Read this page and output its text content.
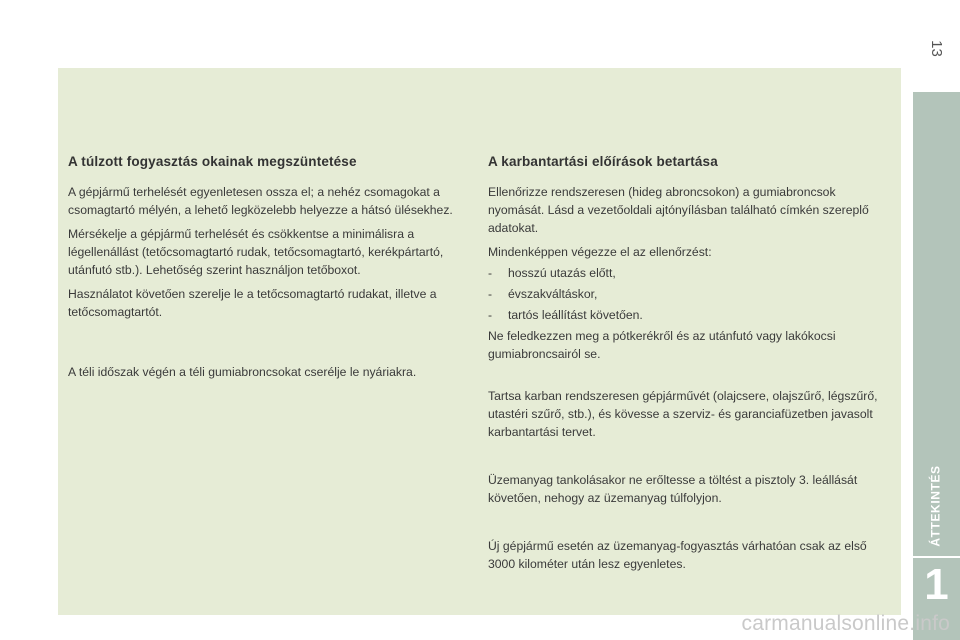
13
A túlzott fogyasztás okainak megszüntetése

A gépjármű terhelését egyenletesen ossza el; a nehéz csomagokat a csomagtartó mélyén, a lehető legközelebb helyezze a hátsó ülésekhez.

Mérsékelje a gépjármű terhelését és csökkentse a minimálisra a légellenállást (tetőcsomagtartó rudak, tetőcsomagtartó, kerékpártartó, utánfutó stb.). Lehetőség szerint használjon tetőboxot.

Használatot követően szerelje le a tetőcsomagtartó rudakat, illetve a tetőcsomagtartót.

A téli időszak végén a téli gumiabroncsokat cserélje le nyáriakra.

A karbantartási előírások betartása

Ellenőrizze rendszeresen (hideg abroncsokon) a gumiabroncsok nyomását. Lásd a vezetőoldali ajtónyílásban található címkén szereplő adatokat.

Mindenképpen végezze el az ellenőrzést:

-	hosszú utazás előtt,

-	évszakváltáskor,

-	tartós leállítást követően.

Ne feledkezzen meg a pótkerékről és az utánfutó vagy lakókocsi gumiabroncsairól se.

Tartsa karban rendszeresen gépjárművét (olajcsere, olajszűrő, légszűrő, utastéri szűrő, stb.), és kövesse a szerviz- és garanciafüzetben javasolt karbantartási tervet.

Üzemanyag tankolásakor ne erőltesse a töltést a pisztoly 3. leállását követően, nehogy az üzemanyag túlfolyjon.

Új gépjármű esetén az üzemanyag-fogyasztás várhatóan csak az első 3000 kilométer után lesz egyenletes.

ÁTTEKINTÉS
1
carmanualsonline.info
